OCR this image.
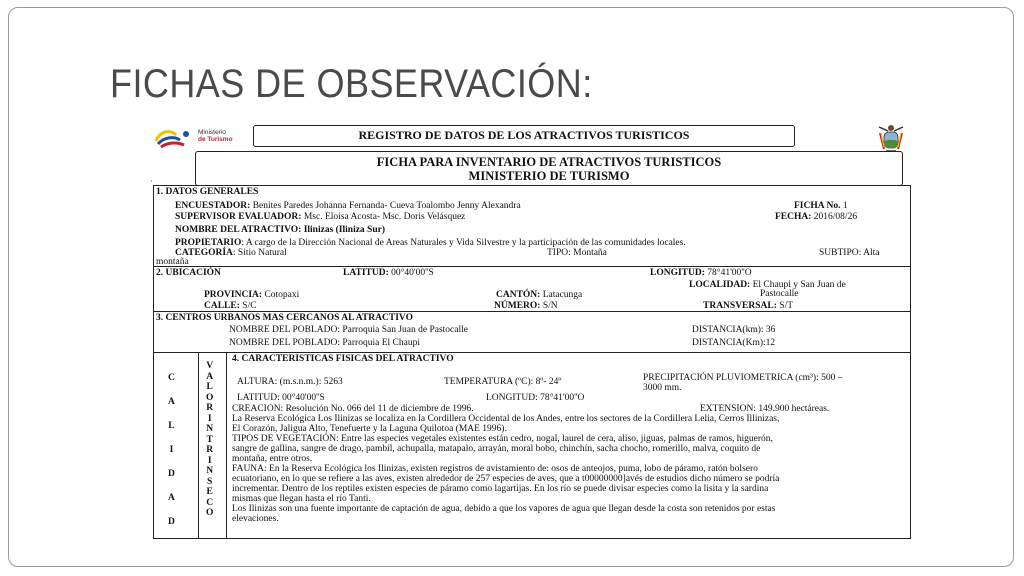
FICHAS DE OBSERVACIÓN:
Ministerio
de Turismo	REGISTRO DE DATOS DE LOS ATRACTIVOS TURISTICOS
FICHA PARA INVENTARIO DE ATRACTIVOS TURISTICOS
MINISTERIO DE TURISMO
·
1. DATOS GENERALES
ENCUESTADOR: Benites Paredes Johanna Fernanda- Cueva Toalombo Jenny Alexandra	FICHA No. 1
SUPERVISOR EVALUADOR: Msc. Eloísa Acosta- Msc. Doris Velásquez	FECHA: 2016/08/26
NOMBRE DEL ATRACTIVO: Ilinizas (Iliniza Sur)
PROPIETARIO: A cargo de la Dirección Nacional de Areas Naturales y Vida Silvestre y la participación de las comunidades locales.
CATEGORÍA: Sitio Natural	TIPO: Montaña	SUBTIPO: Alta
montaña
2. UBICACIÓN	LATITUD: 00°40'00''S	LONGITUD: 78°41'00''O
LOCALIDAD: El Chaupi y San Juan de
Pastocalle
PROVINCIA: Cotopaxi	CANTÓN: Latacunga
CALLE: S/C	NÚMERO: S/N	TRANSVERSAL: S/T
3. CENTROS URBANOS MAS CERCANOS AL ATRACTIVO
NOMBRE DEL POBLADO: Parroquia San Juan de Pastocalle	DISTANCIA(km): 36
NOMBRE DEL POBLADO: Parroquia El Chaupi	DISTANCIA(Km):12
C
A
L
I
D
A
D
V
A
L
O
R
I
N
T
R
I
N
S
E
C
O
4. CARACTERISTICAS FISICAS DEL ATRACTIVO
ALTURA: (m.s.n.m.): 5263	TEMPERATURA (ºC): 8º- 24º	PRECIPITACIÓN PLUVIOMETRICA (cm³): 500 –
3000 mm.
LATITUD: 00°40'00''S	LONGITUD: 78°41'00''O
CREACION: Resolución No. 066 del 11 de diciembre de 1996.	EXTENSION: 149.900 hectáreas.
La Reserva Ecológica Los Ilinizas se localiza en la Cordillera Occidental de los Andes, entre los sectores de la Cordillera Lelia, Cerros Illinizas,
El Corazón, Jaligua Alto, Tenefuerte y la Laguna Quilotoa (MAE 1996).
TIPOS DE VEGETACIÓN: Entre las especies vegetales existentes están cedro, nogal, laurel de cera, aliso, jiguas, palmas de ramos, higuerón,
sangre de gallina, sangre de drago, pambil, achupalla, matapalo, arrayán, moral bobo, chinchín, sacha chocho, romerillo, malva, coquito de
montaña, entre otros.
FAUNA: En la Reserva Ecológica los Ilinizas, existen registros de avistamiento de: osos de anteojos, puma, lobo de páramo, ratón bolsero
ecuatoriano, en lo que se refiere a las aves, existen alrededor de 257 especies de aves, que a t00000000]avés de estudios dicho número se podría
incrementar. Dentro de los reptiles existen especies de páramo como lagartijas. En los río se puede divisar especies como la lisita y la sardina
mismas que llegan hasta el río Tanti.
Los Ilinizas son una fuente importante de captación de agua, debido a que los vapores de agua que llegan desde la costa son retenidos por estas
elevaciones.
